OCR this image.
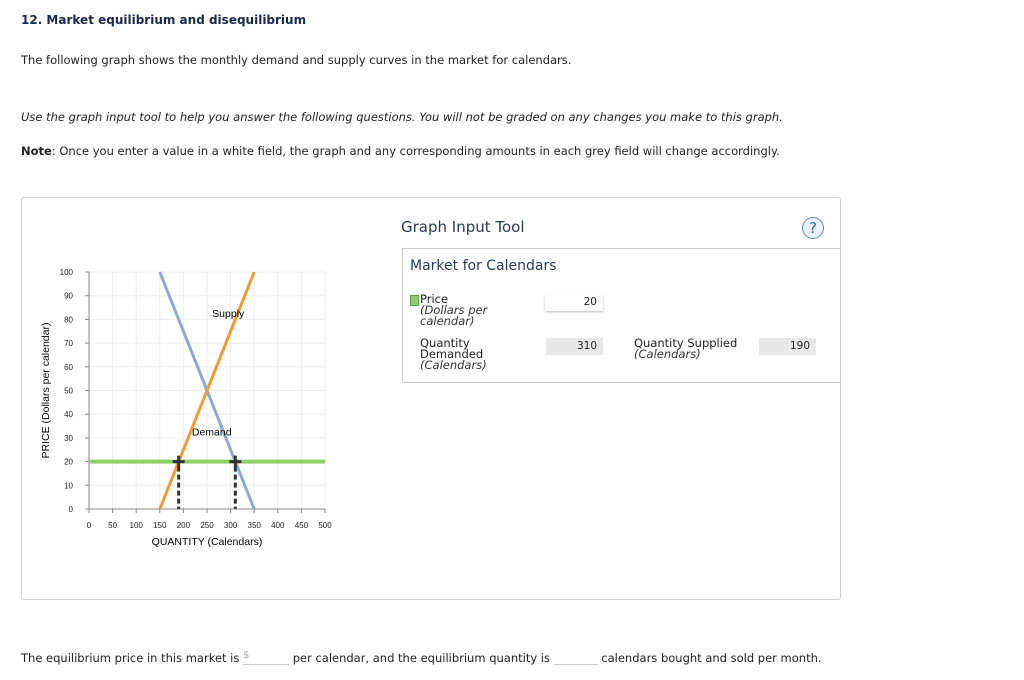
12. Market equilibrium and disequilibrium
The following graph shows the monthly demand and supply curves in the market for calendars.
Use the graph input tool to help you answer the following questions. You will not be graded on any changes you make to this graph.
Note: Once you enter a value in a white field, the graph and any corresponding amounts in each grey field will change accordingly.
0 50 100 150 200 250 300 350 400 450 500
0
10
20
30
40
50
60
70
80
90
100
QUANTITY (Calendars)
PRICE (Dollars per calendar)	Demand
Supply
Graph Input Tool	?
Market for Calendars
Price
(Dollars per calendar)
20
Quantity Demanded
(Calendars)
310	Quantity Supplied
(Calendars)
190
The equilibrium price in this market is $	per calendar, and the equilibrium quantity is	calendars bought and sold per month.
